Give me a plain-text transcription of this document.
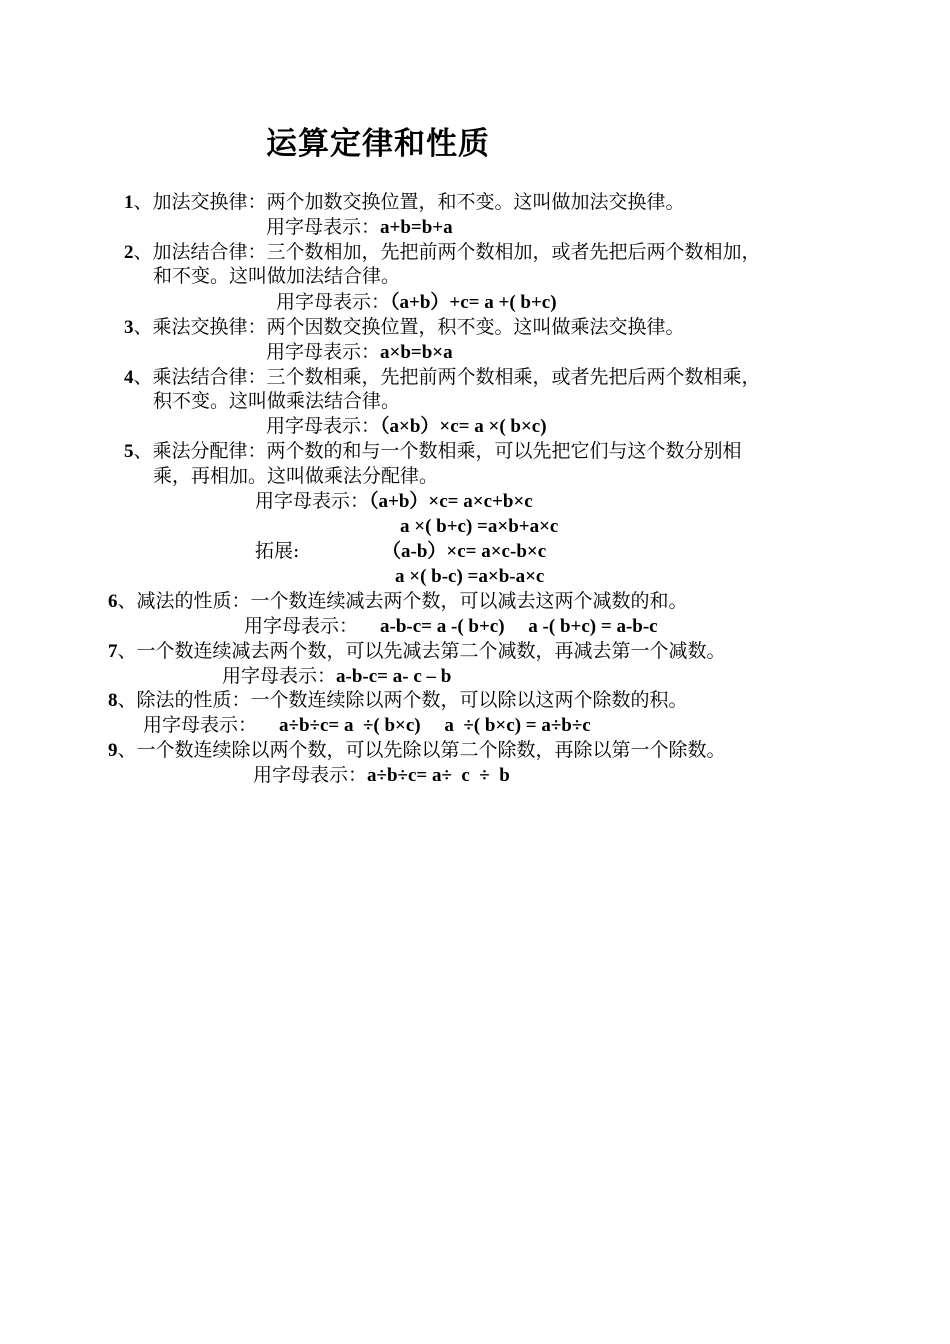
运算定律和性质
1、加法交换律：两个加数交换位置，和不变。这叫做加法交换律。
用字母表示：a+b=b+a
2、加法结合律：三个数相加，先把前两个数相加，或者先把后两个数相加，
和不变。这叫做加法结合律。
用字母表示：（a+b）+c= a +( b+c)
3、乘法交换律：两个因数交换位置，积不变。这叫做乘法交换律。
用字母表示：a×b=b×a
4、乘法结合律：三个数相乘，先把前两个数相乘，或者先把后两个数相乘，
积不变。这叫做乘法结合律。
用字母表示：（a×b）×c= a ×( b×c)
5、乘法分配律：两个数的和与一个数相乘，可以先把它们与这个数分别相
乘，再相加。这叫做乘法分配律。
用字母表示：（a+b）×c= a×c+b×c
a ×( b+c) =a×b+a×c
拓展:	（a-b）×c= a×c-b×c
a ×( b-c) =a×b-a×c
6、减法的性质：一个数连续减去两个数，可以减去这两个减数的和。
用字母表示： a-b-c= a -( b+c)     a -( b+c) = a-b-c
7、一个数连续减去两个数，可以先减去第二个减数，再减去第一个减数。
用字母表示：a-b-c= a- c – b
8、除法的性质：一个数连续除以两个数，可以除以这两个除数的积。
用字母表示： a÷b÷c= a  ÷( b×c)     a  ÷( b×c) = a÷b÷c
9、一个数连续除以两个数，可以先除以第二个除数，再除以第一个除数。
用字母表示：a÷b÷c= a÷  c  ÷  b
